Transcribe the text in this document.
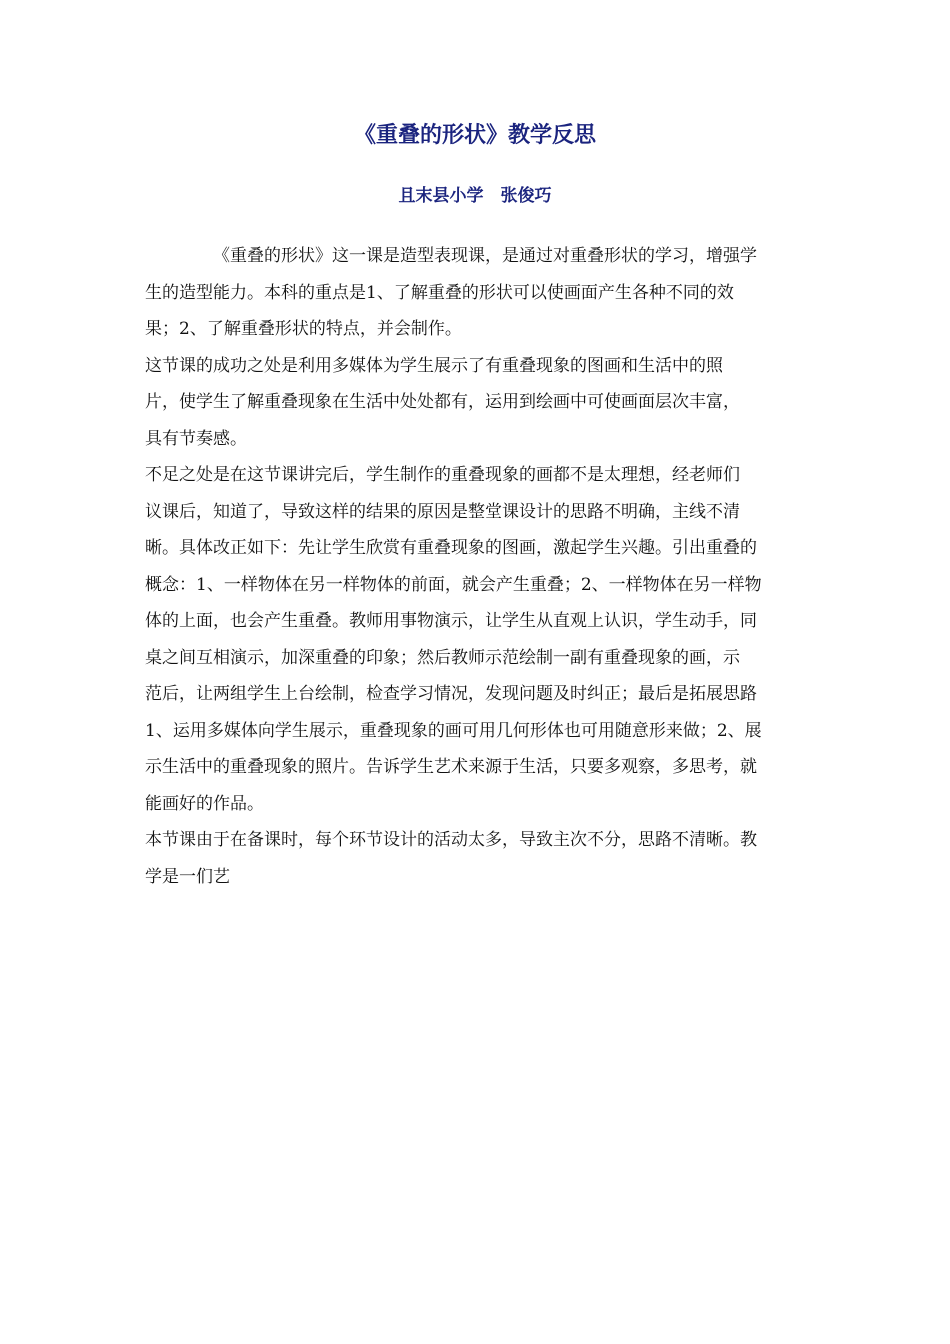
《重叠的形状》教学反思
且末县小学　张俊巧
《重叠的形状》这一课是造型表现课，是通过对重叠形状的学习，增强学
生的造型能力。本科的重点是1、了解重叠的形状可以使画面产生各种不同的效
果；2、了解重叠形状的特点，并会制作。
这节课的成功之处是利用多媒体为学生展示了有重叠现象的图画和生活中的照
片，使学生了解重叠现象在生活中处处都有，运用到绘画中可使画面层次丰富，
具有节奏感。
不足之处是在这节课讲完后，学生制作的重叠现象的画都不是太理想，经老师们
议课后，知道了，导致这样的结果的原因是整堂课设计的思路不明确，主线不清
晰。具体改正如下：先让学生欣赏有重叠现象的图画，激起学生兴趣。引出重叠的
概念：1、一样物体在另一样物体的前面，就会产生重叠；2、一样物体在另一样物
体的上面，也会产生重叠。教师用事物演示，让学生从直观上认识，学生动手，同
桌之间互相演示，加深重叠的印象；然后教师示范绘制一副有重叠现象的画，示
范后，让两组学生上台绘制，检查学习情况，发现问题及时纠正；最后是拓展思路
1、运用多媒体向学生展示，重叠现象的画可用几何形体也可用随意形来做；2、展
示生活中的重叠现象的照片。告诉学生艺术来源于生活，只要多观察，多思考，就
能画好的作品。
本节课由于在备课时，每个环节设计的活动太多，导致主次不分，思路不清晰。教
学是一们艺
